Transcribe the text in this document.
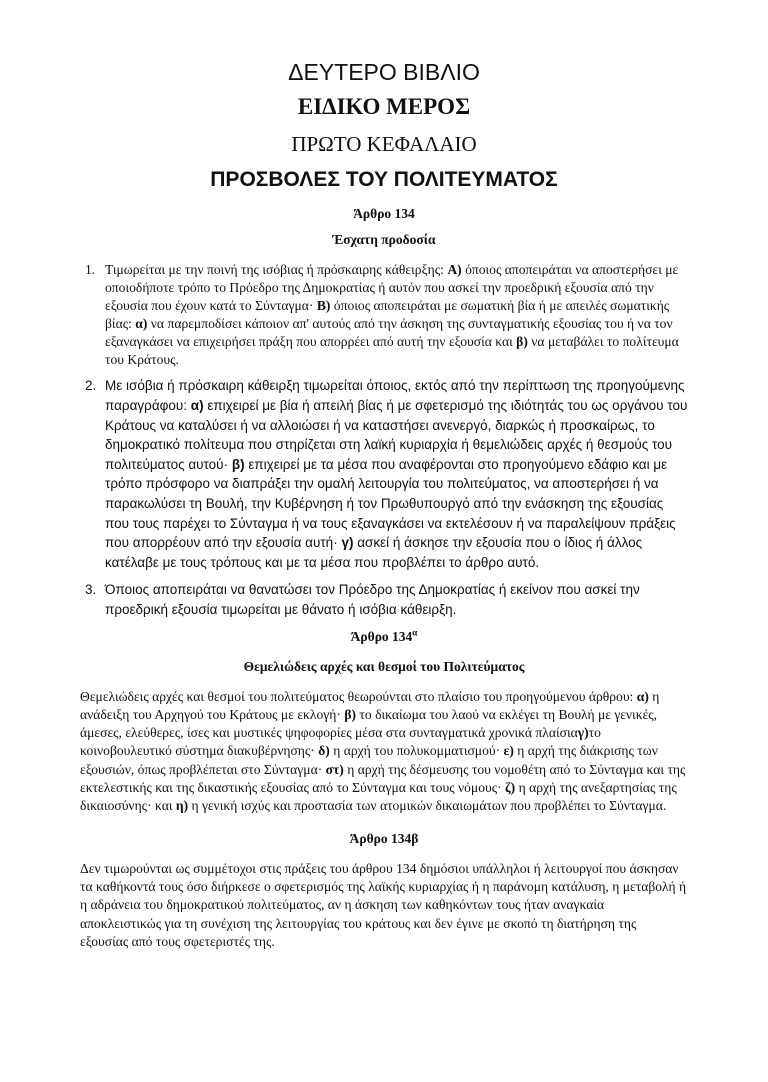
ΔΕΥΤΕΡΟ ΒΙΒΛΙΟ
ΕΙΔΙΚΟ ΜΕΡΟΣ
ΠΡΩΤΟ ΚΕΦΑΛΑΙΟ
ΠΡΟΣΒΟΛΕΣ ΤΟΥ ΠΟΛΙΤΕΥΜΑΤΟΣ
Άρθρο 134
Έσχατη προδοσία
1. Τιμωρείται με την ποινή της ισόβιας ή πρόσκαιρης κάθειρξης: Α) όποιος αποπειράται να αποστερήσει με οποιοδήποτε τρόπο το Πρόεδρο της Δημοκρατίας ή αυτόν που ασκεί την προεδρική εξουσία από την εξουσία που έχουν κατά το Σύνταγμα· Β) όποιος αποπειράται με σωματική βία ή με απειλές σωματικής βίας: α) να παρεμποδίσει κάποιον απ' αυτούς από την άσκηση της συνταγματικής εξουσίας του ή να τον εξαναγκάσει να επιχειρήσει πράξη που απορρέει από αυτή την εξουσία και β) να μεταβάλει το πολίτευμα του Κράτους.
2. Με ισόβια ή πρόσκαιρη κάθειρξη τιμωρείται όποιος, εκτός από την περίπτωση της προηγούμενης παραγράφου: α) επιχειρεί με βία ή απειλή βίας ή με σφετερισμό της ιδιότητάς του ως οργάνου του Κράτους να καταλύσει ή να αλλοιώσει ή να καταστήσει ανενεργό, διαρκώς ή προσκαίρως, το δημοκρατικό πολίτευμα που στηρίζεται στη λαϊκή κυριαρχία ή θεμελιώδεις αρχές ή θεσμούς του πολιτεύματος αυτού· β) επιχειρεί με τα μέσα που αναφέρονται στο προηγούμενο εδάφιο και με τρόπο πρόσφορο να διαπράξει την ομαλή λειτουργία του πολιτεύματος, να αποστερήσει ή να παρακωλύσει τη Βουλή, την Κυβέρνηση ή τον Πρωθυπουργό από την ενάσκηση της εξουσίας που τους παρέχει το Σύνταγμα ή να τους εξαναγκάσει να εκτελέσουν ή να παραλείψουν πράξεις που απορρέουν από την εξουσία αυτή· γ) ασκεί ή άσκησε την εξουσία που ο ίδιος ή άλλος κατέλαβε με τους τρόπους και με τα μέσα που προβλέπει το άρθρο αυτό.
3. Όποιος αποπειράται να θανατώσει τον Πρόεδρο της Δημοκρατίας ή εκείνον που ασκεί την προεδρική εξουσία τιμωρείται με θάνατο ή ισόβια κάθειρξη.
Άρθρο $134^\alpha$
Θεμελιώδεις αρχές και θεσμοί του Πολιτεύματος
Θεμελιώδεις αρχές και θεσμοί του πολιτεύματος θεωρούνται στο πλαίσιο του προηγούμενου άρθρου: α) η ανάδειξη του Αρχηγού του Κράτους με εκλογή· β) το δικαίωμα του λαού να εκλέγει τη Βουλή με γενικές, άμεσες, ελεύθερες, ίσες και μυστικές ψηφοφορίες μέσα στα συνταγματικά χρονικά πλαίσιαγ)το κοινοβουλευτικό σύστημα διακυβέρνησης· δ) η αρχή του πολυκομματισμού· ε) η αρχή της διάκρισης των εξουσιών, όπως προβλέπεται στο Σύνταγμα· στ) η αρχή της δέσμευσης του νομοθέτη από το Σύνταγμα και της εκτελεστικής και της δικαστικής εξουσίας από το Σύνταγμα και τους νόμους· ζ) η αρχή της ανεξαρτησίας της δικαιοσύνης· και η) η γενική ισχύς και προστασία των ατομικών δικαιωμάτων που προβλέπει το Σύνταγμα.
Άρθρο 134β
Δεν τιμωρούνται ως συμμέτοχοι στις πράξεις του άρθρου 134 δημόσιοι υπάλληλοι ή λειτουργοί που άσκησαν τα καθήκοντά τους όσο διήρκεσε ο σφετερισμός της λαϊκής κυριαρχίας ή η παράνομη κατάλυση, η μεταβολή ή η αδράνεια του δημοκρατικού πολιτεύματος, αν η άσκηση των καθηκόντων τους ήταν αναγκαία αποκλειστικώς για τη συνέχιση της λειτουργίας του κράτους και δεν έγινε με σκοπό τη διατήρηση της εξουσίας από τους σφετεριστές της.
